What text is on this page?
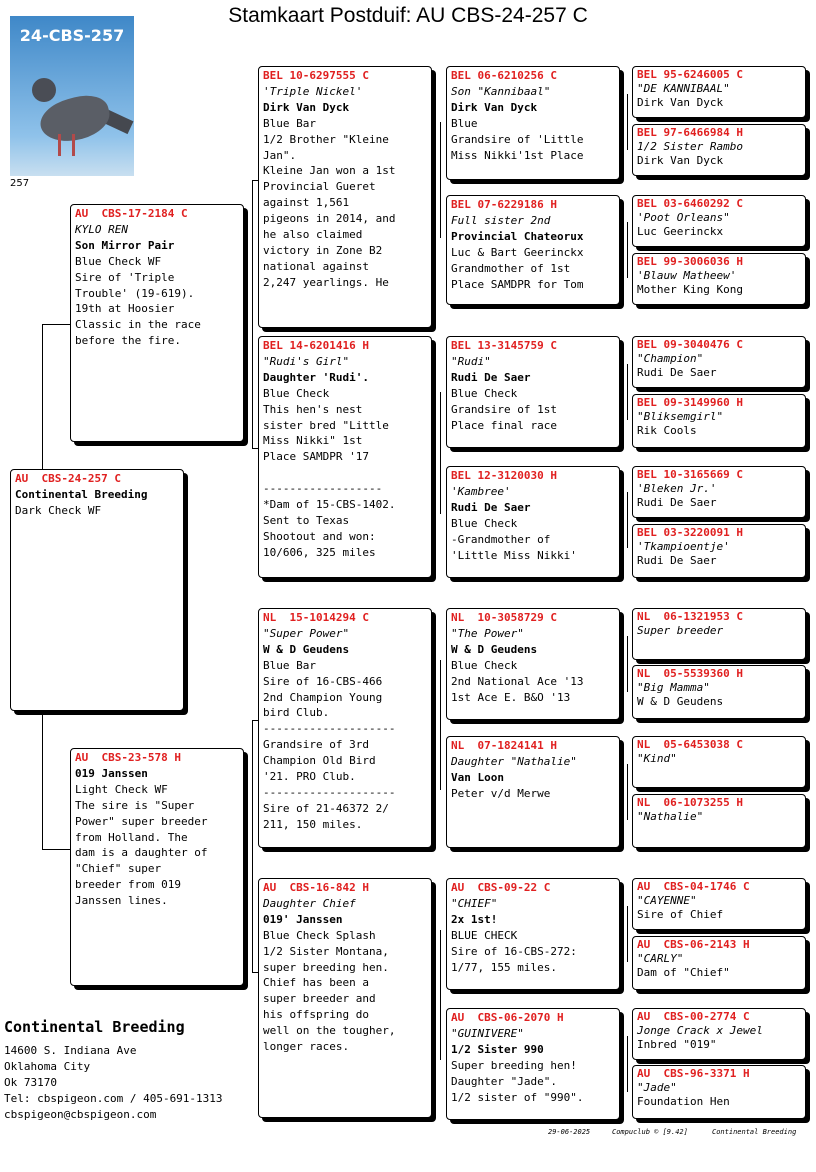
Stamkaart Postduif: AU CBS-24-257 C
24-CBS-257
257
AU  CBS-24-257 C
Continental Breeding
Dark Check WF
AU  CBS-17-2184 C
KYLO REN
Son Mirror Pair
Blue Check WF
Sire of 'Triple
Trouble' (19-619).
19th at Hoosier
Classic in the race
before the fire.
AU  CBS-23-578 H
019 Janssen
Light Check WF
The sire is "Super
Power" super breeder
from Holland. The
dam is a daughter of
"Chief" super
breeder from 019
Janssen lines.
BEL 10-6297555 C
'Triple Nickel'
Dirk Van Dyck
Blue Bar
1/2 Brother "Kleine
Jan".
Kleine Jan won a 1st
Provincial Gueret
against 1,561
pigeons in 2014, and
he also claimed
victory in Zone B2
national against
2,247 yearlings. He
BEL 14-6201416 H
"Rudi's Girl"
Daughter 'Rudi'.
Blue Check
This hen's nest
sister bred "Little
Miss Nikki" 1st
Place SAMDPR '17

------------------
*Dam of 15-CBS-1402.
Sent to Texas
Shootout and won:
10/606, 325 miles
NL  15-1014294 C
"Super Power"
W & D Geudens
Blue Bar
Sire of 16-CBS-466
2nd Champion Young
bird Club.
--------------------
Grandsire of 3rd
Champion Old Bird
'21. PRO Club.
--------------------
Sire of 21-46372 2/
211, 150 miles.
AU  CBS-16-842 H
Daughter Chief
019' Janssen
Blue Check Splash
1/2 Sister Montana,
super breeding hen.
Chief has been a
super breeder and
his offspring do
well on the tougher,
longer races.
BEL 06-6210256 C
Son "Kannibaal"
Dirk Van Dyck
Blue
Grandsire of 'Little
Miss Nikki'1st Place
BEL 07-6229186 H
Full sister 2nd
Provincial Chateorux
Luc & Bart Geerinckx
Grandmother of 1st
Place SAMDPR for Tom
BEL 13-3145759 C
"Rudi"
Rudi De Saer
Blue Check
Grandsire of 1st
Place final race
BEL 12-3120030 H
'Kambree'
Rudi De Saer
Blue Check
-Grandmother of
'Little Miss Nikki'
NL  10-3058729 C
"The Power"
W & D Geudens
Blue Check
2nd National Ace '13
1st Ace E. B&O '13
NL  07-1824141 H
Daughter "Nathalie"
Van Loon
Peter v/d Merwe
AU  CBS-09-22 C
"CHIEF"
2x 1st!
BLUE CHECK
Sire of 16-CBS-272:
1/77, 155 miles.
AU  CBS-06-2070 H
"GUINIVERE"
1/2 Sister 990
Super breeding hen!
Daughter "Jade".
1/2 sister of "990".
BEL 95-6246005 C
"DE KANNIBAAL"
Dirk Van Dyck
BEL 97-6466984 H
1/2 Sister Rambo
Dirk Van Dyck
BEL 03-6460292 C
'Poot Orleans"
Luc Geerinckx
BEL 99-3006036 H
'Blauw Matheew'
Mother King Kong
BEL 09-3040476 C
"Champion"
Rudi De Saer
BEL 09-3149960 H
"Bliksemgirl"
Rik Cools
BEL 10-3165669 C
'Bleken Jr.'
Rudi De Saer
BEL 03-3220091 H
'Tkampioentje'
Rudi De Saer
NL  06-1321953 C
Super breeder
NL  05-5539360 H
"Big Mamma"
W & D Geudens
NL  05-6453038 C
"Kind"
NL  06-1073255 H
"Nathalie"
AU  CBS-04-1746 C
"CAYENNE"
Sire of Chief
AU  CBS-06-2143 H
"CARLY"
Dam of "Chief"
AU  CBS-00-2774 C
Jonge Crack x Jewel
Inbred "019"
AU  CBS-96-3371 H
"Jade"
Foundation Hen
Continental Breeding
14600 S. Indiana Ave
Oklahoma City
Ok 73170
Tel: cbspigeon.com / 405-691-1313
cbspigeon@cbspigeon.com
29-06-2025	Compuclub © [9.42]	Continental Breeding
